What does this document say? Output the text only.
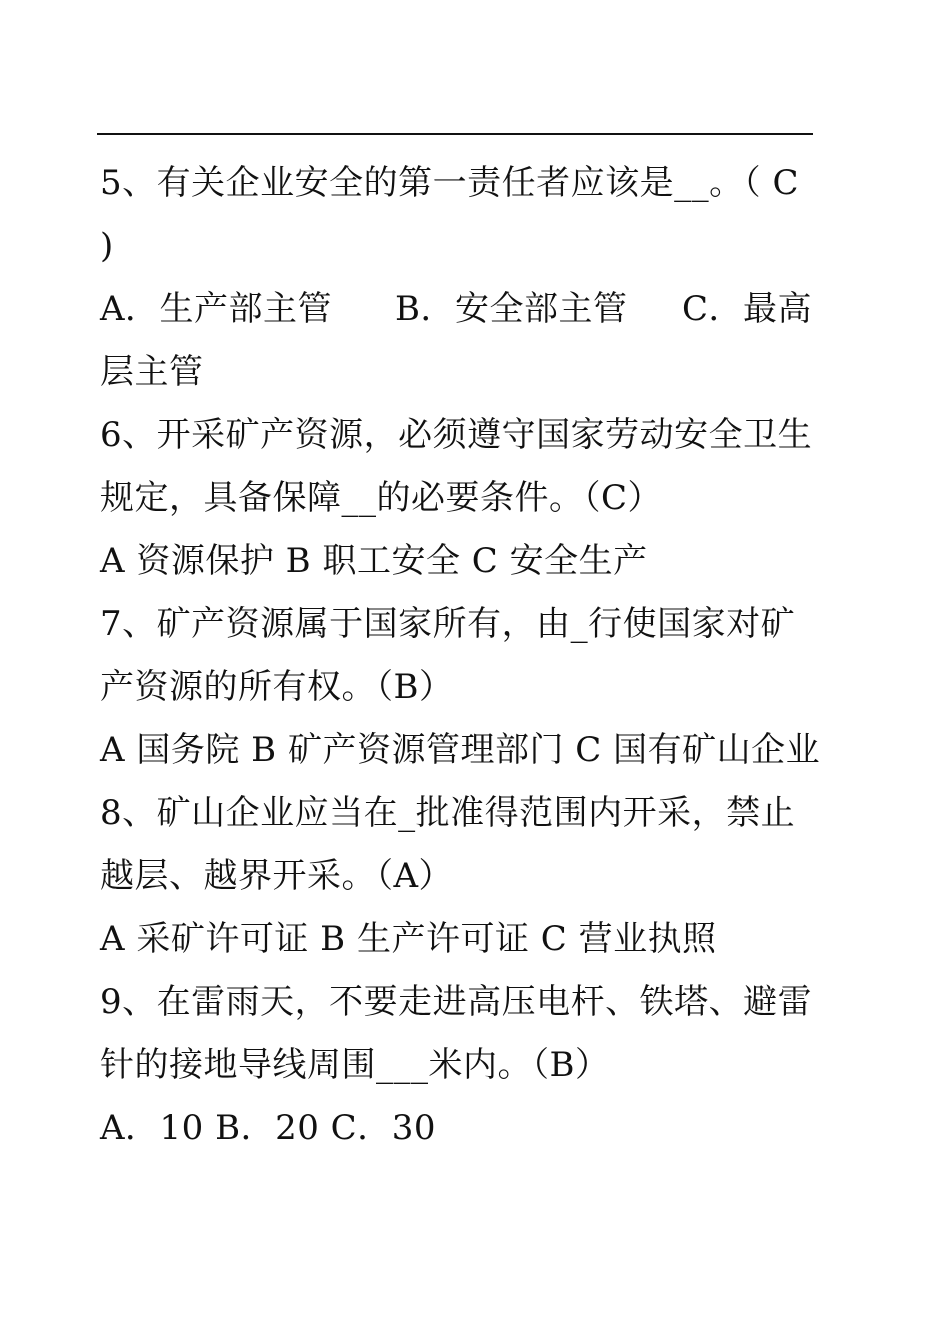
5、有关企业安全的第一责任者应该是__。（ C
)
A．生产部主管 B．安全部主管 C．最高
层主管
6、开采矿产资源，必须遵守国家劳动安全卫生
规定，具备保障__的必要条件。（C）
A 资源保护 B 职工安全 C 安全生产
7、矿产资源属于国家所有，由_行使国家对矿
产资源的所有权。（B）
A 国务院 B 矿产资源管理部门 C 国有矿山企业
8、矿山企业应当在_批准得范围内开采，禁止
越层、越界开采。（A）
A 采矿许可证 B 生产许可证 C 营业执照
9、在雷雨天，不要走进高压电杆、铁塔、避雷
针的接地导线周围___米内。（B）
A．10 B．20 C．30
